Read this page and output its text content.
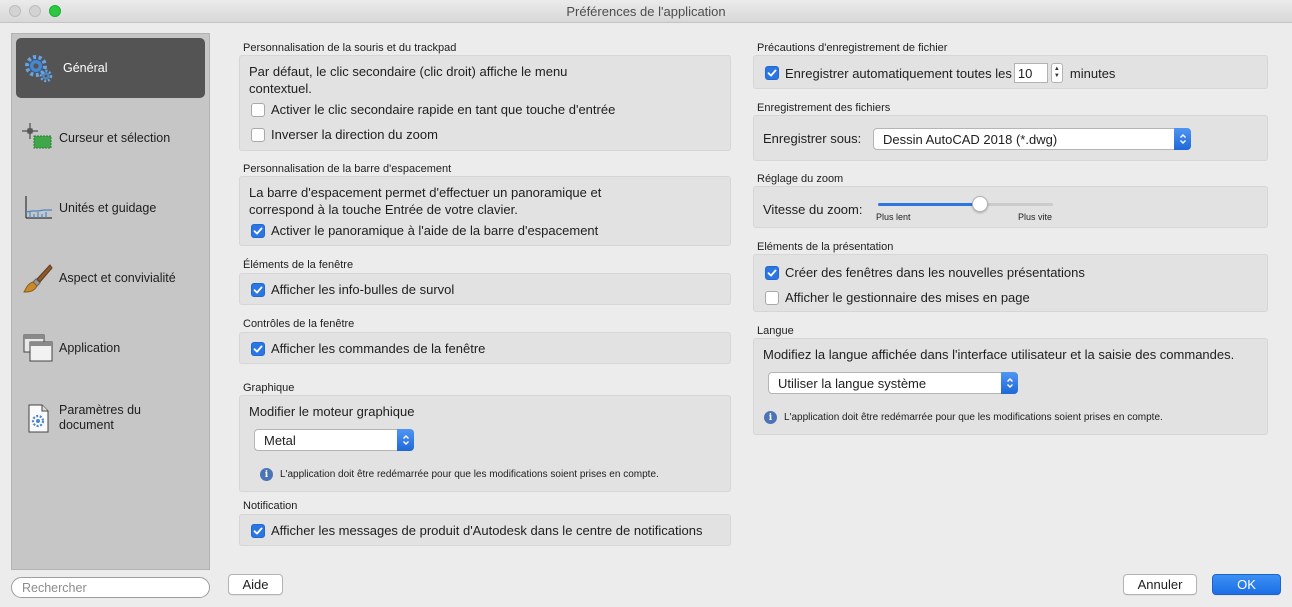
Préférences de l'application
Général
Curseur et sélection
Unités et guidage
Aspect et convivialité
Application
Paramètres du document
Rechercher
Personnalisation de la souris et du trackpad
Par défaut, le clic secondaire (clic droit) affiche le menu contextuel.
Activer le clic secondaire rapide en tant que touche d'entrée
Inverser la direction du zoom
Personnalisation de la barre d'espacement
La barre d'espacement permet d'effectuer un panoramique et correspond à la touche Entrée de votre clavier.
Activer le panoramique à l'aide de la barre d'espacement
Éléments de la fenêtre
Afficher les info-bulles de survol
Contrôles de la fenêtre
Afficher les commandes de la fenêtre
Graphique
Modifier le moteur graphique
Metal
i	L'application doit être redémarrée pour que les modifications soient prises en compte.
Notification
Afficher les messages de produit d'Autodesk dans le centre de notifications
Précautions d'enregistrement de fichier
Enregistrer automatiquement toutes les 10	▲
▼ minutes
Enregistrement des fichiers
Enregistrer sous: Dessin AutoCAD 2018 (*.dwg)
Réglage du zoom
Vitesse du zoom: Plus lent	Plus vite
Eléments de la présentation
Créer des fenêtres dans les nouvelles présentations
Afficher le gestionnaire des mises en page
Langue
Modifiez la langue affichée dans l'interface utilisateur et la saisie des commandes.
Utiliser la langue système
i	L'application doit être redémarrée pour que les modifications soient prises en compte.
Aide	Annuler	OK
